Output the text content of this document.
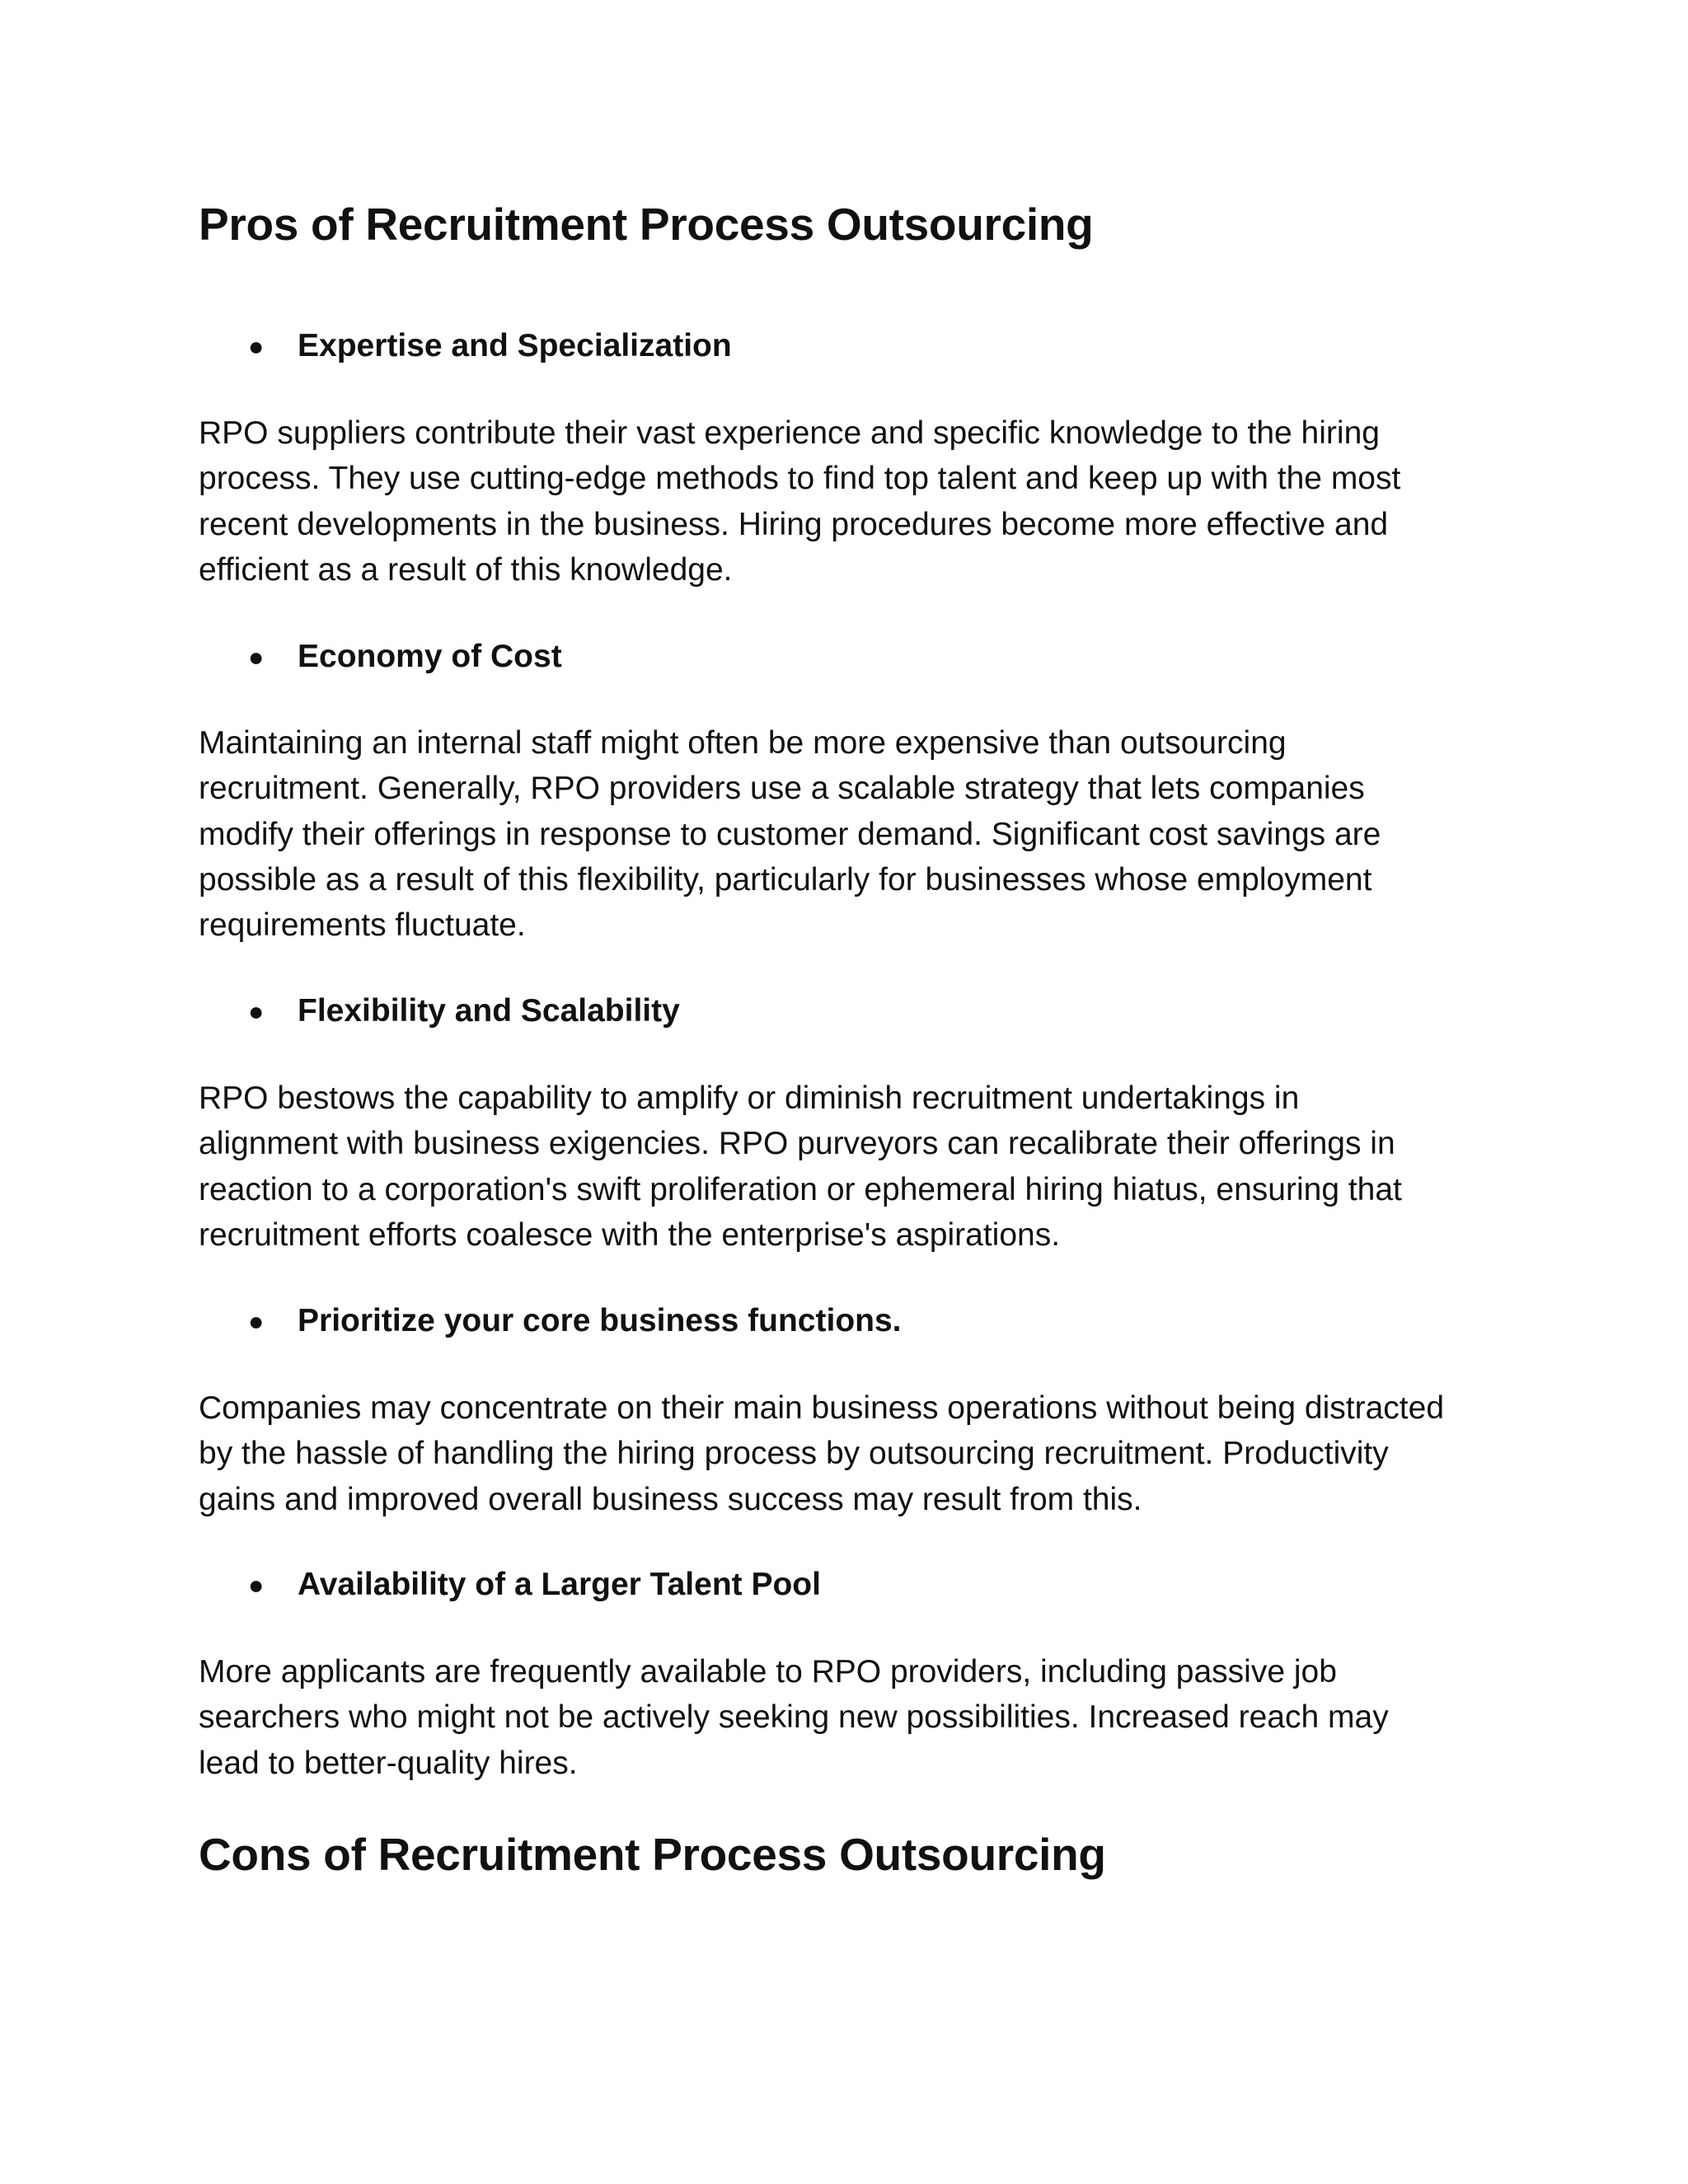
Pros of Recruitment Process Outsourcing
● Expertise and Specialization

RPO suppliers contribute their vast experience and specific knowledge to the hiring
process. They use cutting-edge methods to find top talent and keep up with the most
recent developments in the business. Hiring procedures become more effective and
efficient as a result of this knowledge.

● Economy of Cost

Maintaining an internal staff might often be more expensive than outsourcing
recruitment. Generally, RPO providers use a scalable strategy that lets companies
modify their offerings in response to customer demand. Significant cost savings are
possible as a result of this flexibility, particularly for businesses whose employment
requirements fluctuate.

● Flexibility and Scalability

RPO bestows the capability to amplify or diminish recruitment undertakings in
alignment with business exigencies. RPO purveyors can recalibrate their offerings in
reaction to a corporation's swift proliferation or ephemeral hiring hiatus, ensuring that
recruitment efforts coalesce with the enterprise's aspirations.

● Prioritize your core business functions.

Companies may concentrate on their main business operations without being distracted
by the hassle of handling the hiring process by outsourcing recruitment. Productivity
gains and improved overall business success may result from this.

● Availability of a Larger Talent Pool

More applicants are frequently available to RPO providers, including passive job
searchers who might not be actively seeking new possibilities. Increased reach may
lead to better-quality hires.

Cons of Recruitment Process Outsourcing
